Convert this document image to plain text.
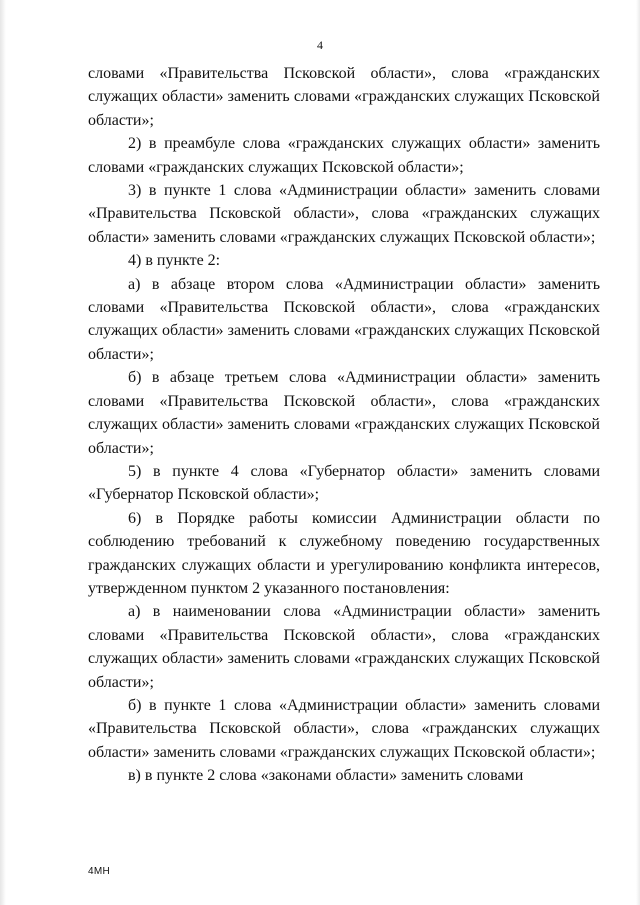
4

словами «Правительства Псковской области», слова «гражданских служащих области» заменить словами «гражданских служащих Псковской области»;

2) в преамбуле слова «гражданских служащих области» заменить словами «гражданских служащих Псковской области»;

3) в пункте 1 слова «Администрации области» заменить словами «Правительства Псковской области», слова «гражданских служащих области» заменить словами «гражданских служащих Псковской области»;

4) в пункте 2:

а) в абзаце втором слова «Администрации области» заменить словами «Правительства Псковской области», слова «гражданских служащих области» заменить словами «гражданских служащих Псковской области»;

б) в абзаце третьем слова «Администрации области» заменить словами «Правительства Псковской области», слова «гражданских служащих области» заменить словами «гражданских служащих Псковской области»;

5) в пункте 4 слова «Губернатор области» заменить словами «Губернатор Псковской области»;

6) в Порядке работы комиссии Администрации области по соблюдению требований к служебному поведению государственных гражданских служащих области и урегулированию конфликта интересов, утвержденном пунктом 2 указанного постановления:

а) в наименовании слова «Администрации области» заменить словами «Правительства Псковской области», слова «гражданских служащих области» заменить словами «гражданских служащих Псковской области»;

б) в пункте 1 слова «Администрации области» заменить словами «Правительства Псковской области», слова «гражданских служащих области» заменить словами «гражданских служащих Псковской области»;

в) в пункте 2 слова «законами области» заменить словами

4МН
